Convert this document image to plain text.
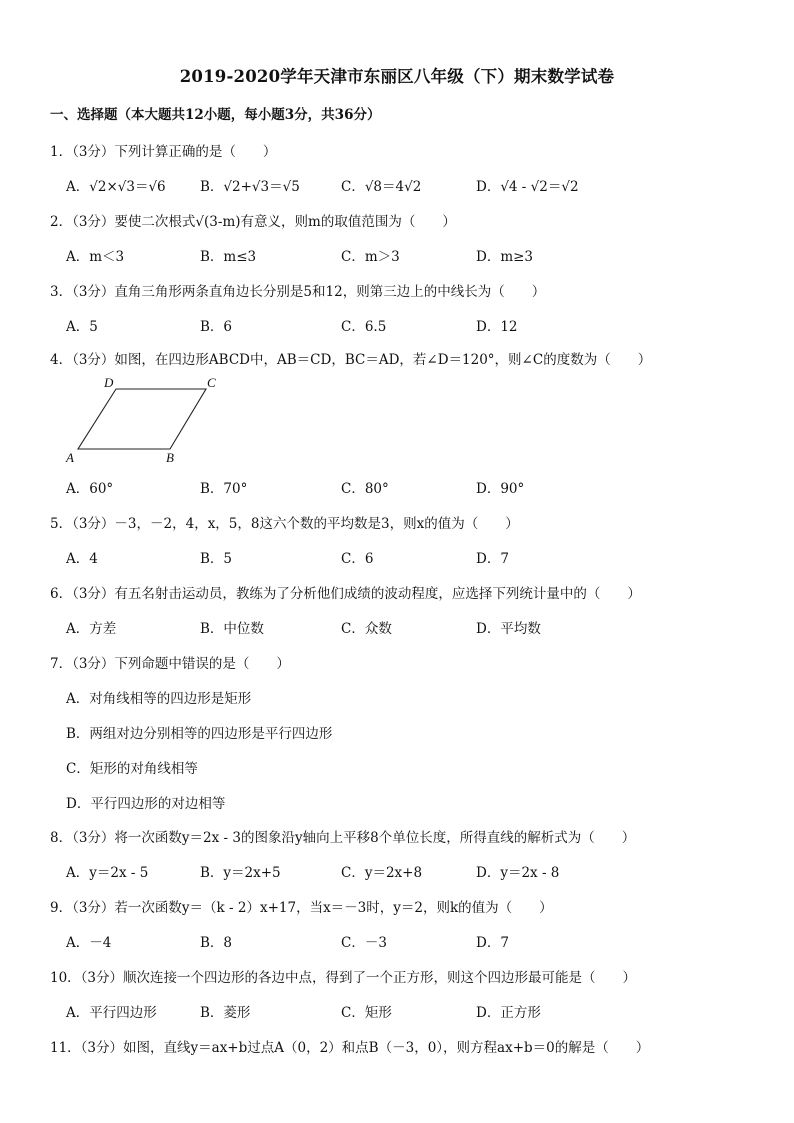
2019-2020学年天津市东丽区八年级（下）期末数学试卷
一、选择题（本大题共12小题，每小题3分，共36分）
1．（3分）下列计算正确的是（　　）
A．√2×√3＝√6	B．√2+√3＝√5	C．√8＝4√2	D．√4 - √2＝√2
2．（3分）要使二次根式√(3-m)有意义，则m的取值范围为（　　）
A．m＜3	B．m≤3	C．m＞3	D．m≥3
3．（3分）直角三角形两条直角边长分别是5和12，则第三边上的中线长为（　　）
A．5	B．6	C．6.5	D．12
4．（3分）如图，在四边形ABCD中，AB＝CD，BC＝AD，若∠D＝120°，则∠C的度数为（　　）
D	C
A	B
A．60°	B．70°	C．80°	D．90°
5．（3分）－3，－2，4，x，5，8这六个数的平均数是3，则x的值为（　　）
A．4	B．5	C．6	D．7
6．（3分）有五名射击运动员，教练为了分析他们成绩的波动程度，应选择下列统计量中的（　　）
A．方差	B．中位数	C．众数	D．平均数
7．（3分）下列命题中错误的是（　　）
A．对角线相等的四边形是矩形
B．两组对边分别相等的四边形是平行四边形
C．矩形的对角线相等
D．平行四边形的对边相等
8．（3分）将一次函数y＝2x - 3的图象沿y轴向上平移8个单位长度，所得直线的解析式为（　　）
A．y＝2x - 5	B．y＝2x+5	C．y＝2x+8	D．y＝2x - 8
9．（3分）若一次函数y＝（k - 2）x+17，当x＝－3时，y＝2，则k的值为（　　）
A．－4	B．8	C．－3	D．7
10．（3分）顺次连接一个四边形的各边中点，得到了一个正方形，则这个四边形最可能是（　　）
A．平行四边形	B．菱形	C．矩形	D．正方形
11．（3分）如图，直线y＝ax+b过点A（0，2）和点B（－3，0），则方程ax+b＝0的解是（　　）
